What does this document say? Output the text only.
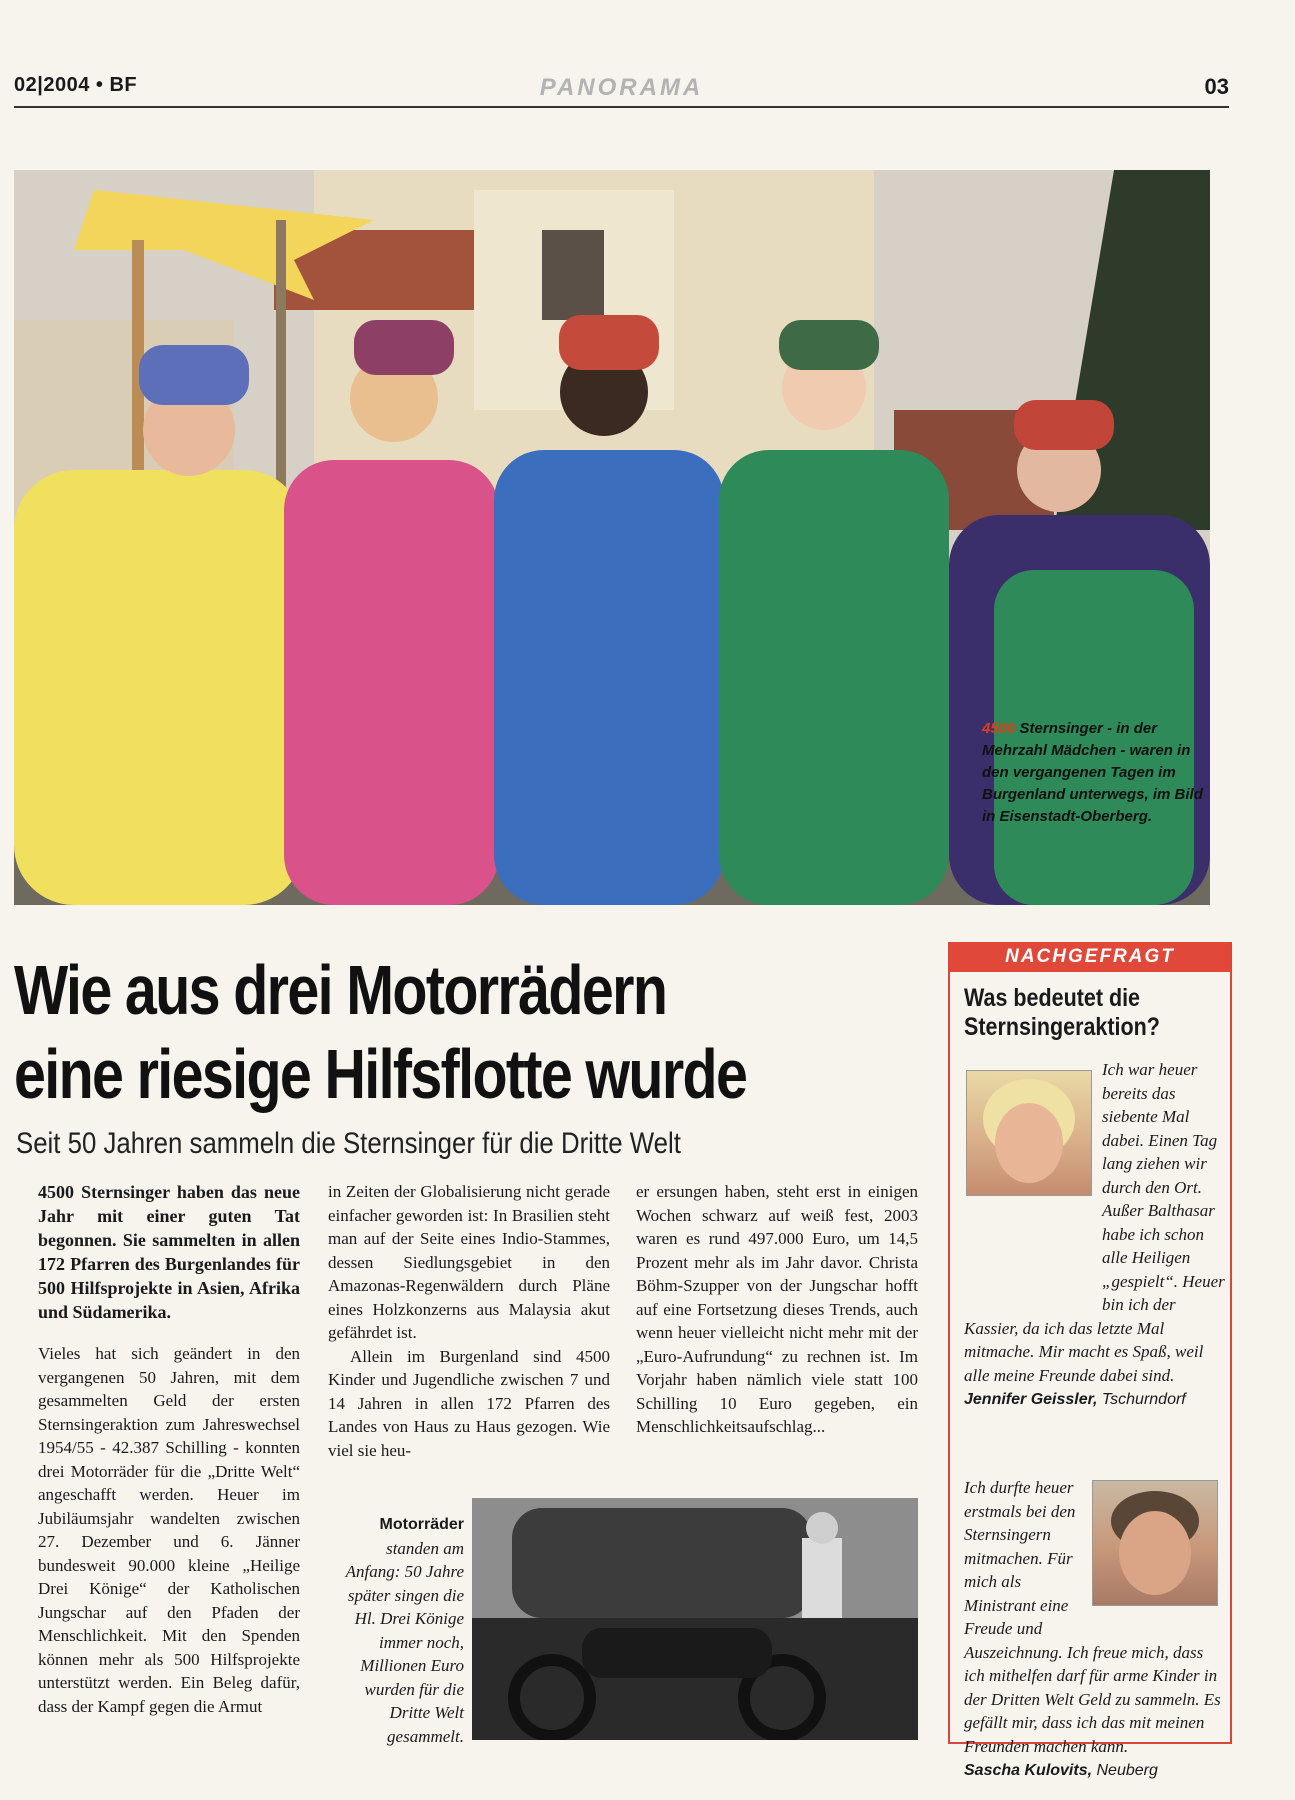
02|2004 • BF	PANORAMA	03
4500 Sternsinger - in der Mehrzahl Mädchen - waren in den vergangenen Tagen im Burgenland unterwegs, im Bild in Eisenstadt-Oberberg.
Wie aus drei Motorrädern
eine riesige Hilfsflotte wurde
Seit 50 Jahren sammeln die Sternsinger für die Dritte Welt
4500 Sternsinger haben das neue Jahr mit einer guten Tat begonnen. Sie sammelten in allen 172 Pfarren des Burgenlandes für 500 Hilfsprojekte in Asien, Afrika und Südamerika.
Vieles hat sich geändert in den vergangenen 50 Jahren, mit dem gesammelten Geld der ersten Sternsingeraktion zum Jahreswechsel 1954/55 - 42.387 Schilling - konnten drei Motorräder für die „Dritte Welt“ angeschafft werden. Heuer im Jubiläumsjahr wandelten zwischen 27. Dezember und 6. Jänner bundesweit 90.000 kleine „Heilige Drei Könige“ der Katholischen Jungschar auf den Pfaden der Menschlichkeit. Mit den Spenden können mehr als 500 Hilfsprojekte unterstützt werden. Ein Beleg dafür, dass der Kampf gegen die Armut

in Zeiten der Globalisierung nicht gerade einfacher geworden ist: In Brasilien steht man auf der Seite eines Indio-Stammes, dessen Siedlungsgebiet in den Amazonas-Regenwäldern durch Pläne eines Holzkonzerns aus Malaysia akut gefährdet ist.

Allein im Burgenland sind 4500 Kinder und Jugendliche zwischen 7 und 14 Jahren in allen 172 Pfarren des Landes von Haus zu Haus gezogen. Wie viel sie heu-

er ersungen haben, steht erst in einigen Wochen schwarz auf weiß fest, 2003 waren es rund 497.000 Euro, um 14,5 Prozent mehr als im Jahr davor. Christa Böhm-Szupper von der Jungschar hofft auf eine Fortsetzung dieses Trends, auch wenn heuer vielleicht nicht mehr mit der „Euro-Aufrundung“ zu rechnen ist. Im Vorjahr haben nämlich viele statt 100 Schilling 10 Euro gegeben, ein Menschlichkeitsaufschlag...
Motorräder
standen am Anfang: 50 Jahre später singen die Hl. Drei Könige immer noch, Millionen Euro wurden für die Dritte Welt gesammelt.
NACHGEFRAGT
Was bedeutet die Sternsingeraktion?
Ich war heuer bereits das siebente Mal dabei. Einen Tag lang ziehen wir durch den Ort. Außer Balthasar habe ich schon alle Heiligen „gespielt“. Heuer bin ich der Kassier, da ich das letzte Mal mitmache. Mir macht es Spaß, weil alle meine Freunde dabei sind.
Jennifer Geissler, Tschurndorf
Ich durfte heuer erstmals bei den Sternsingern mitmachen. Für mich als Ministrant eine Freude und Auszeichnung. Ich freue mich, dass ich mithelfen darf für arme Kinder in der Dritten Welt Geld zu sammeln. Es gefällt mir, dass ich das mit meinen Freunden machen kann.
Sascha Kulovits, Neuberg
